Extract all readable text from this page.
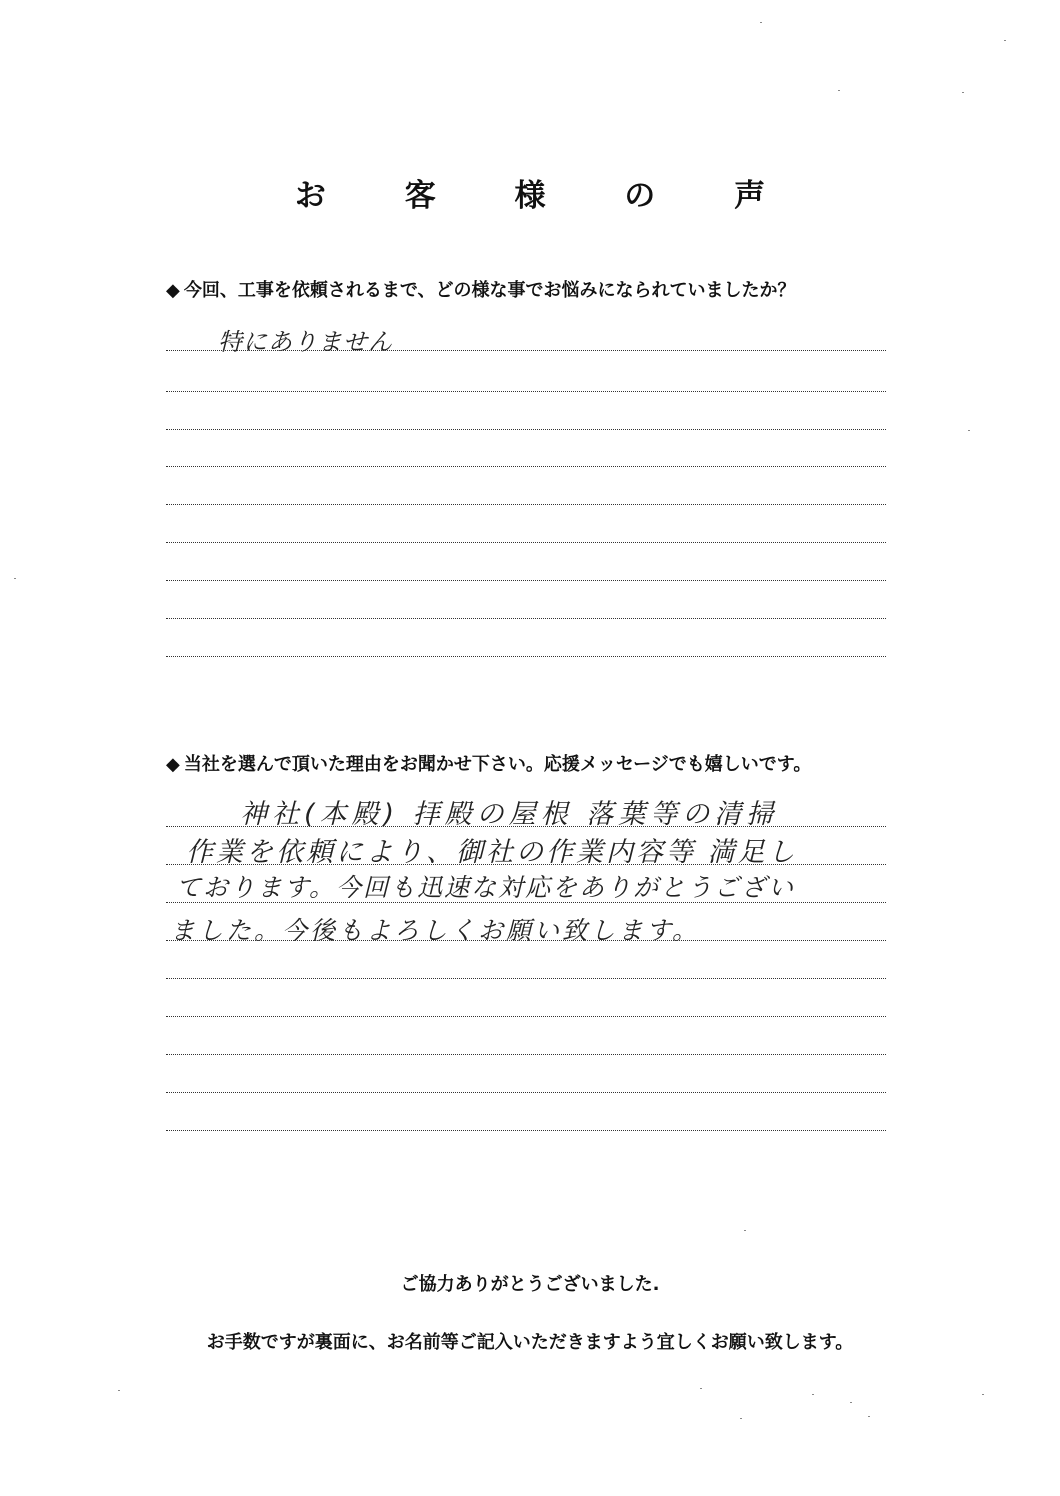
お 客 様 の 声
◆ 今回、工事を依頼されるまで、どの様な事でお悩みになられていましたか？
特にありません
◆ 当社を選んで頂いた理由をお聞かせ下さい。応援メッセージでも嬉しいです。
神社(本殿) 拝殿の屋根 落葉等の清掃
作業を依頼により、御社の作業内容等 満足し
ております。今回も迅速な対応をありがとうござい
ました。今後もよろしくお願い致します。
ご協力ありがとうございました.
お手数ですが裏面に、お名前等ご記入いただきますよう宜しくお願い致します。
